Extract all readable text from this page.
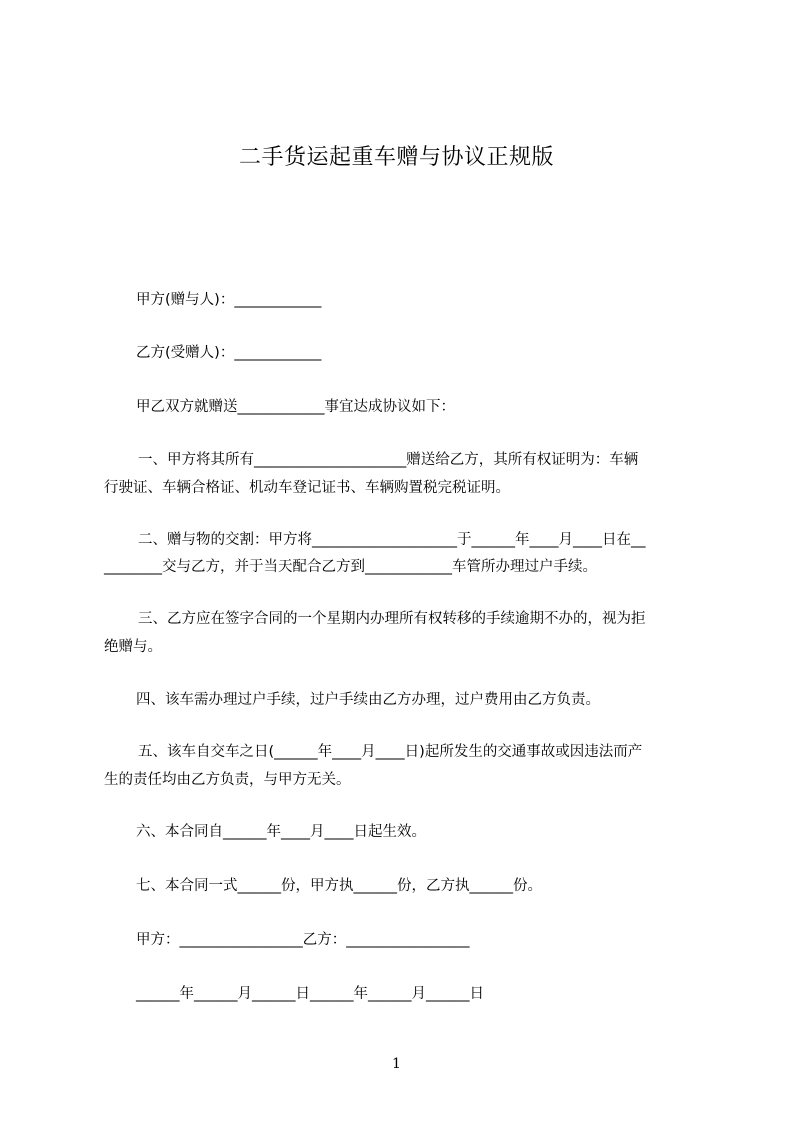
二手货运起重车赠与协议正规版
甲方(赠与人)：____________
乙方(受赠人)：____________
甲乙双方就赠送____________事宜达成协议如下：
一、甲方将其所有_____________________赠送给乙方，其所有权证明为：车辆
行驶证、车辆合格证、机动车登记证书、车辆购置税完税证明。
二、赠与物的交割：甲方将____________________于______年____月____日在__
________交与乙方，并于当天配合乙方到____________车管所办理过户手续。
三、乙方应在签字合同的一个星期内办理所有权转移的手续逾期不办的，视为拒
绝赠与。
四、该车需办理过户手续，过户手续由乙方办理，过户费用由乙方负责。
五、该车自交车之日(______年____月____日)起所发生的交通事故或因违法而产
生的责任均由乙方负责，与甲方无关。
六、本合同自______年____月____日起生效。
七、本合同一式______份，甲方执______份，乙方执______份。
甲方：_________________乙方：_________________
______年______月______日______年______月______日
1
